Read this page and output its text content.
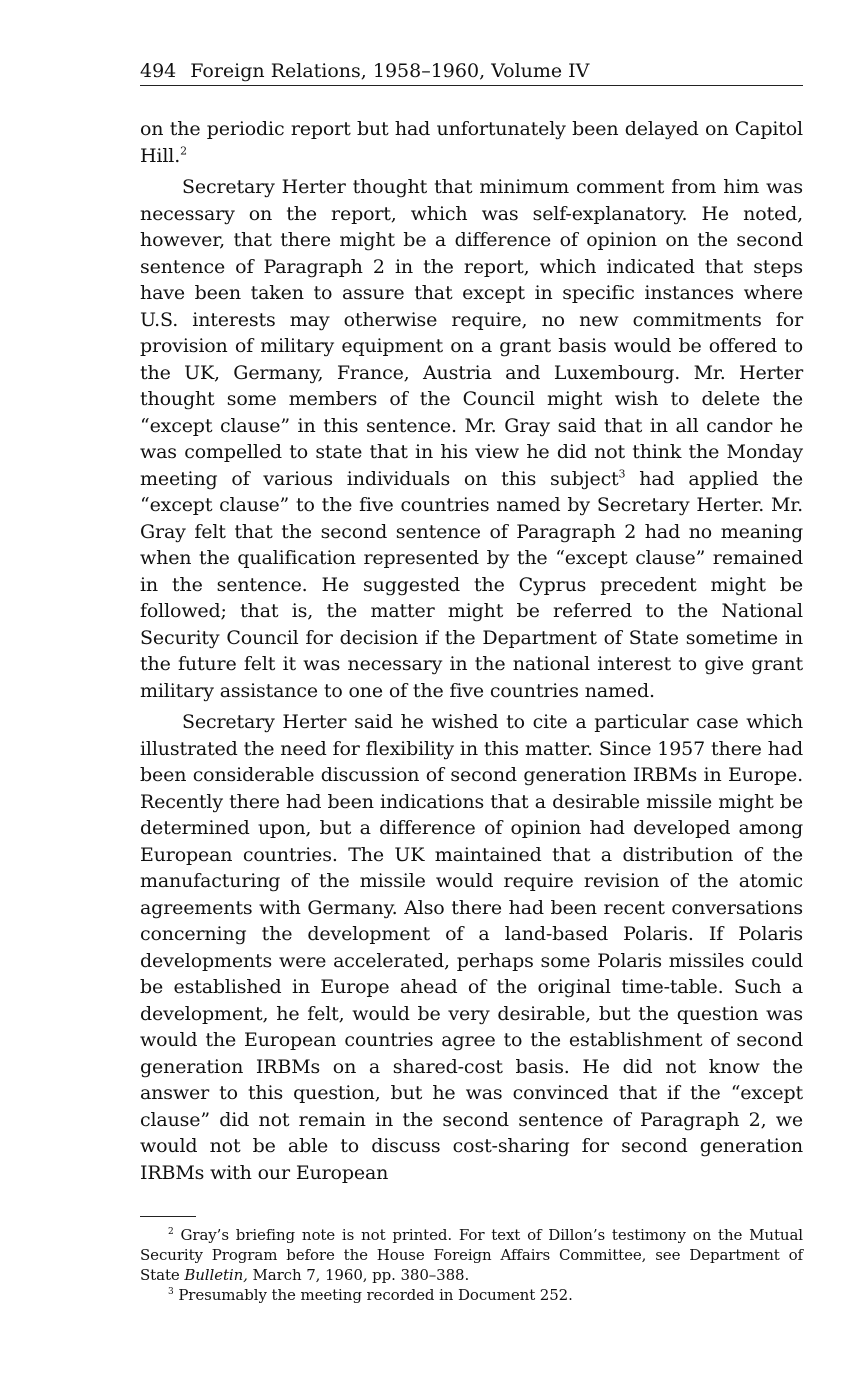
494 Foreign Relations, 1958–1960, Volume IV

on the periodic report but had unfortunately been delayed on Capitol Hill.$^2$

Secretary Herter thought that minimum comment from him was necessary on the report, which was self-explanatory. He noted, however, that there might be a difference of opinion on the second sentence of Paragraph 2 in the report, which indicated that steps have been taken to assure that except in specific instances where U.S. interests may otherwise require, no new commitments for provision of military equipment on a grant basis would be offered to the UK, Germany, France, Austria and Luxembourg. Mr. Herter thought some members of the Council might wish to delete the “except clause” in this sentence. Mr. Gray said that in all candor he was compelled to state that in his view he did not think the Monday meeting of various individuals on this subject$^3$ had applied the “except clause” to the five countries named by Secretary Herter. Mr. Gray felt that the second sentence of Paragraph 2 had no meaning when the qualification represented by the “except clause” remained in the sentence. He suggested the Cyprus precedent might be followed; that is, the matter might be referred to the National Security Council for decision if the Department of State sometime in the future felt it was necessary in the national interest to give grant military assistance to one of the five countries named.

Secretary Herter said he wished to cite a particular case which illustrated the need for flexibility in this matter. Since 1957 there had been considerable discussion of second generation IRBMs in Europe. Recently there had been indications that a desirable missile might be determined upon, but a difference of opinion had developed among European countries. The UK maintained that a distribution of the manufacturing of the missile would require revision of the atomic agreements with Germany. Also there had been recent conversations concerning the development of a land-based Polaris. If Polaris developments were accelerated, perhaps some Polaris missiles could be established in Europe ahead of the original time-table. Such a development, he felt, would be very desirable, but the question was would the European countries agree to the establishment of second generation IRBMs on a shared-cost basis. He did not know the answer to this question, but he was convinced that if the “except clause” did not remain in the second sentence of Paragraph 2, we would not be able to discuss cost-sharing for second generation IRBMs with our European

$^2$ Gray’s briefing note is not printed. For text of Dillon’s testimony on the Mutual Security Program before the House Foreign Affairs Committee, see Department of State Bulletin, March 7, 1960, pp. 380–388.

$^3$ Presumably the meeting recorded in Document 252.
